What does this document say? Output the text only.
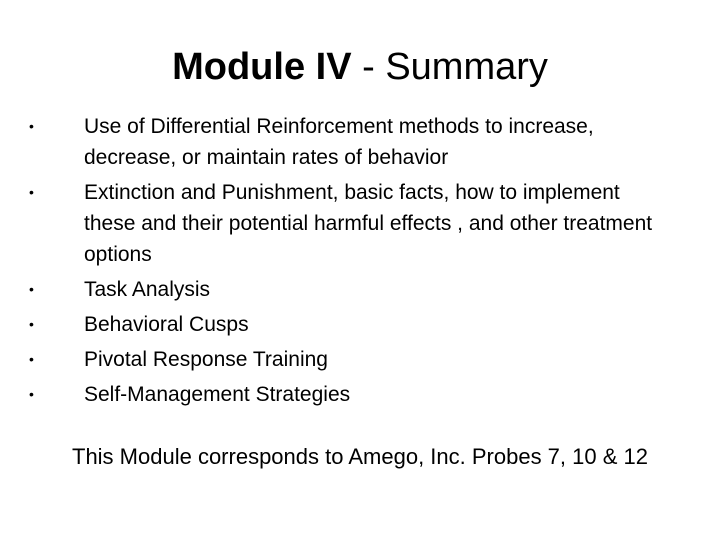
Module IV - Summary
•	Use of Differential Reinforcement methods to increase, decrease, or maintain rates of behavior
•	Extinction and Punishment, basic facts, how to implement these and their potential harmful effects , and other treatment options
•	Task Analysis
•	Behavioral Cusps
•	Pivotal Response Training
•	Self-Management Strategies
This Module corresponds to Amego, Inc. Probes 7, 10 & 12
